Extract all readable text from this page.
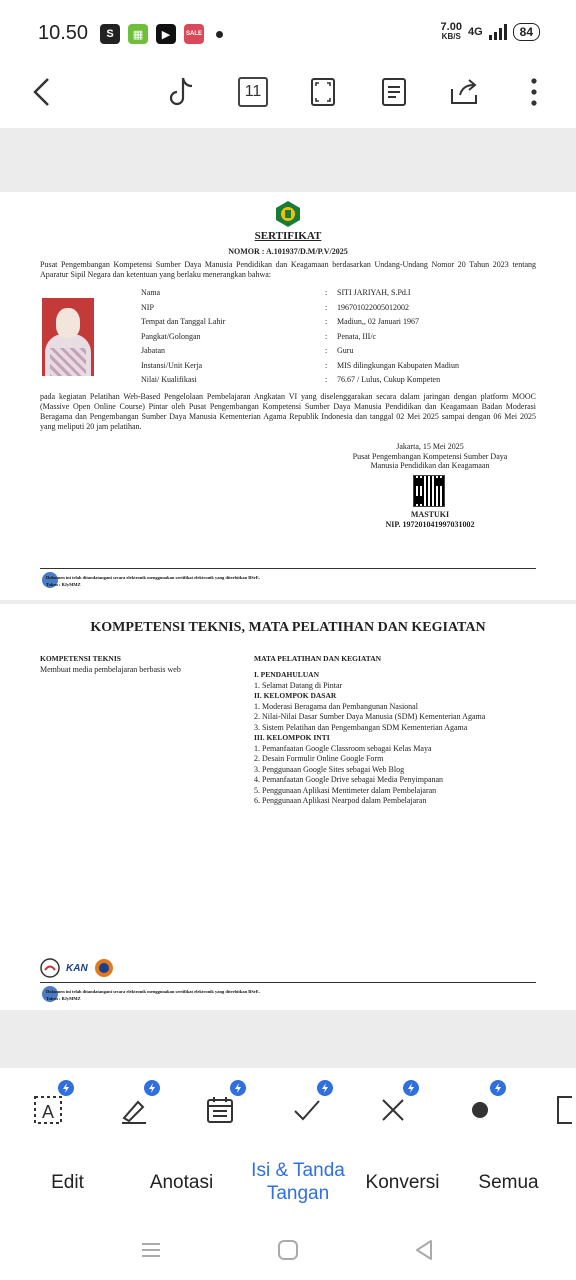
10.50	S	▦	▶	SALE
7.00
KB/S 4G	84
11
SERTIFIKAT
NOMOR : A.101937/D.M/P.V/2025
Pusat Pengembangan Kompetensi Sumber Daya Manusia Pendidikan dan Keagamaan berdasarkan Undang-Undang Nomor 20 Tahun 2023 tentang Aparatur Sipil Negara dan ketentuan yang berlaku menerangkan bahwa:
Nama	: SITI JARIYAH, S.Pd.I
NIP	: 196701022005012002
Tempat dan Tanggal Lahir	: Madiun,, 02 Januari 1967
Pangkat/Golongan	: Penata, III/c
Jabatan	: Guru
Instansi/Unit Kerja	: MIS dilingkungan Kabupaten Madiun
Nilai/ Kualifikasi	: 76.67 / Lulus, Cukup Kompeten
pada kegiatan Pelatihan Web-Based Pengelolaan Pembelajaran Angkatan VI yang diselenggarakan secara dalam jaringan dengan platform MOOC (Massive Open Online Course) Pintar oleh Pusat Pengembangan Kompetensi Sumber Daya Manusia Pendidikan dan Keagamaan Badan Moderasi Beragama dan Pengembangan Sumber Daya Manusia Kementerian Agama Republik Indonesia dan tanggal 02 Mei 2025 sampai dengan 06 Mei 2025 yang meliputi 20 jam pelatihan.
Jakarta, 15 Mei 2025
Pusat Pengembangan Kompetensi Sumber Daya
Manusia Pendidikan dan Keagamaan
MASTUKI
NIP. 197201041997031002
Dokumen ini telah ditandatangani secara elektronik menggunakan sertifikat elektronik yang diterbitkan BSrE.
Token : BJyMMZ
KOMPETENSI TEKNIS, MATA PELATIHAN DAN KEGIATAN
KOMPETENSI TEKNIS
Membuat media pembelajaran berbasis web
MATA PELATIHAN DAN KEGIATAN
I. PENDAHULUAN
1. Selamat Datang di Pintar
II. KELOMPOK DASAR
1. Moderasi Beragama dan Pembangunan Nasional
2. Nilai-Nilai Dasar Sumber Daya Manusia (SDM) Kementerian Agama
3. Sistem Pelatihan dan Pengembangan SDM Kementerian Agama
III. KELOMPOK INTI
1. Pemanfaatan Google Classroom sebagai Kelas Maya
2. Desain Formulir Online Google Form
3. Penggunaan Google Sites sebagai Web Blog
4. Pemanfaatan Google Drive sebagai Media Penyimpanan
5. Penggunaan Aplikasi Mentimeter dalam Pembelajaran
6. Penggunaan Aplikasi Nearpod dalam Pembelajaran
KAN
Dokumen ini telah ditandatangani secara elektronik menggunakan sertifikat elektronik yang diterbitkan BSrE.
Token : BJyMMZ
A
Edit	Anotasi
Isi & Tanda Tangan
Konversi	Semua
